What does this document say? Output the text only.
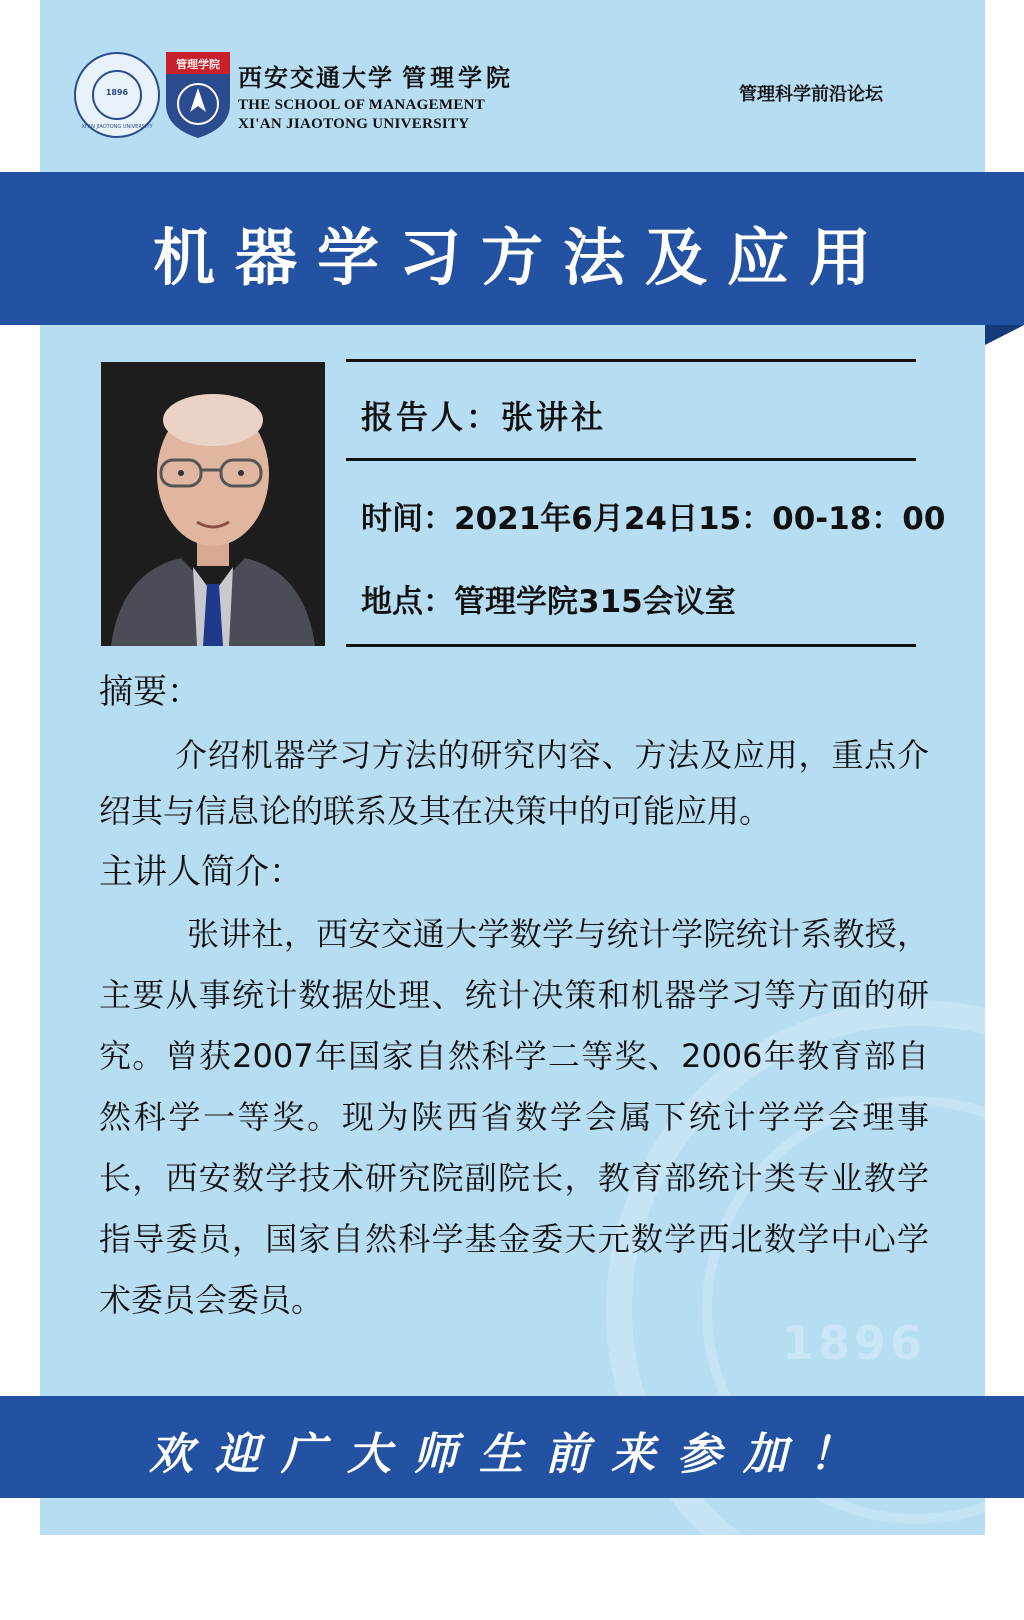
1896
XI'AN JIAOTONG UNIVERSITY
1896
管理学院 西安交通大学 管理学院
THE SCHOOL OF MANAGEMENT
XI'AN JIAOTONG UNIVERSITY
管理科学前沿论坛
机器学习方法及应用
报告人：张讲社
时间：2021年6月24日15：00-18：00
地点：管理学院315会议室
摘要：
介绍机器学习方法的研究内容、方法及应用，重点介绍其与信息论的联系及其在决策中的可能应用。
主讲人简介：
张讲社，西安交通大学数学与统计学院统计系教授，主要从事统计数据处理、统计决策和机器学习等方面的研究。曾获2007年国家自然科学二等奖、2006年教育部自然科学一等奖。现为陕西省数学会属下统计学学会理事长，西安数学技术研究院副院长，教育部统计类专业教学指导委员，国家自然科学基金委天元数学西北数学中心学术委员会委员。
欢迎广大师生前来参加！
